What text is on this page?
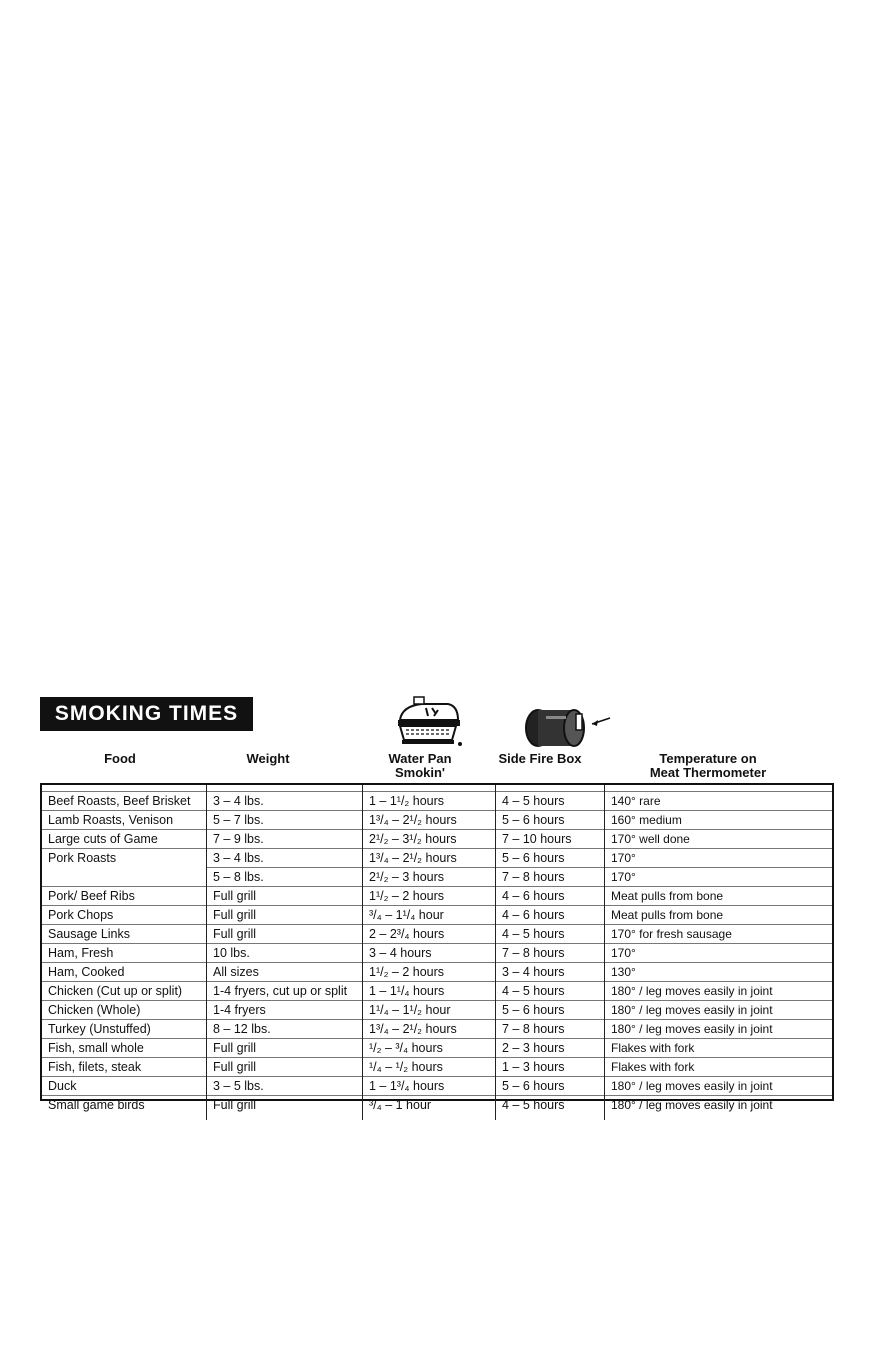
SMOKING TIMES
Food	Weight	Water Pan
Smokin'
Side Fire Box	Temperature on
Meat Thermometer

Beef Roasts, Beef Brisket	3 – 4 lbs.	1 – 1¹/₂ hours	4 – 5 hours	140° rare
Lamb Roasts, Venison	5 – 7 lbs.	1³/₄ – 2¹/₂ hours	5 – 6 hours	160° medium
Large cuts of Game	7 – 9 lbs.	2¹/₂ – 3¹/₂ hours	7 – 10 hours	170° well done
Pork Roasts	3 – 4 lbs.	1³/₄ – 2¹/₂ hours	5 – 6 hours	170°
	5 – 8 lbs.	2¹/₂ – 3 hours	7 – 8 hours	170°
Pork/ Beef Ribs	Full grill	1¹/₂ – 2 hours	4 – 6 hours	Meat pulls from bone
Pork Chops	Full grill	³/₄ – 1¹/₄ hour	4 – 6 hours	Meat pulls from bone
Sausage Links	Full grill	2 – 2³/₄ hours	4 – 5 hours	170° for fresh sausage
Ham, Fresh	10 lbs.	3 – 4 hours	7 – 8 hours	170°
Ham, Cooked	All sizes	1¹/₂ – 2 hours	3 – 4 hours	130°
Chicken (Cut up or split)	1-4 fryers, cut up or split	1 – 1¹/₄ hours	4 – 5 hours	180° / leg moves easily in joint
Chicken (Whole)	1-4 fryers	1¹/₄ – 1¹/₂ hour	5 – 6 hours	180° / leg moves easily in joint
Turkey (Unstuffed)	8 – 12 lbs.	1³/₄ – 2¹/₂ hours	7 – 8 hours	180° / leg moves easily in joint
Fish, small whole	Full grill	¹/₂ – ³/₄ hours	2 – 3 hours	Flakes with fork
Fish, filets, steak	Full grill	¹/₄ – ¹/₂ hours	1 – 3 hours	Flakes with fork
Duck	3 – 5 lbs.	1 – 1³/₄ hours	5 – 6 hours	180° / leg moves easily in joint
Small game birds	Full grill	³/₄ – 1 hour	4 – 5 hours	180° / leg moves easily in joint
